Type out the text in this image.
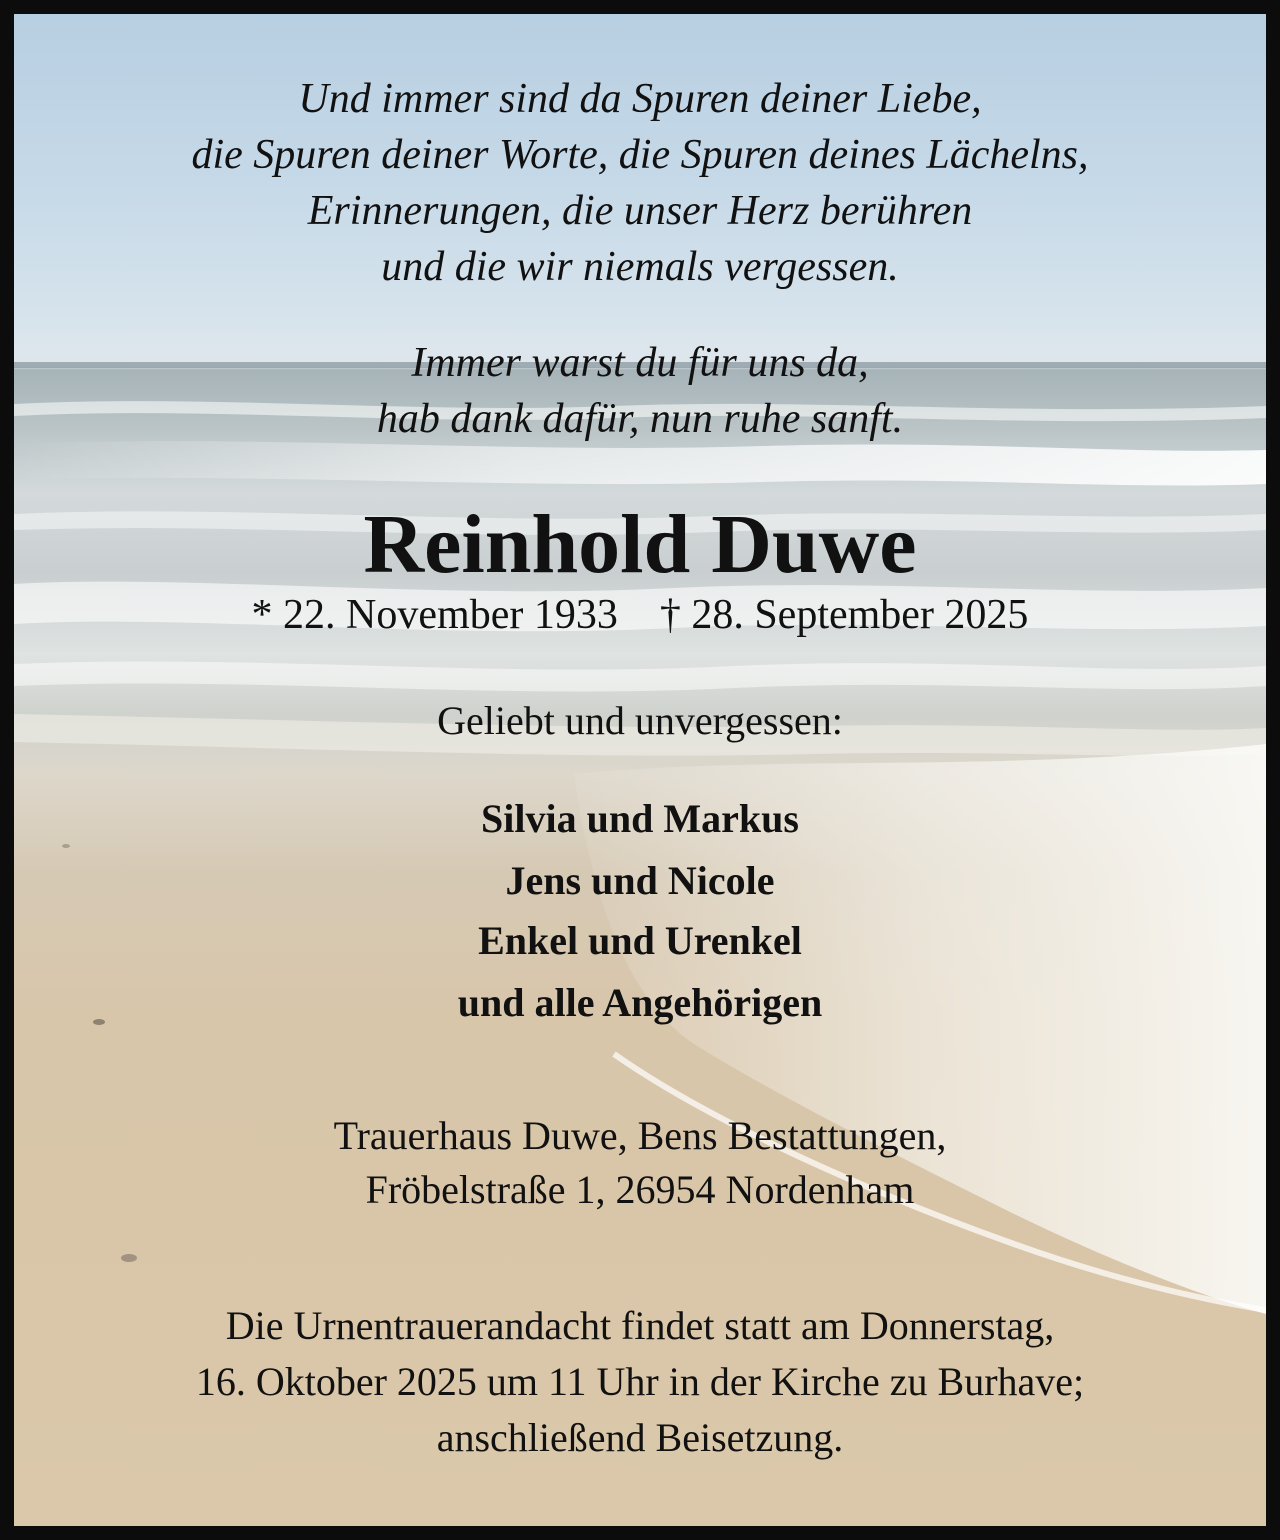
Und immer sind da Spuren deiner Liebe,
die Spuren deiner Worte, die Spuren deines Lächelns,
Erinnerungen, die unser Herz berühren
und die wir niemals vergessen.
Immer warst du für uns da,
hab dank dafür, nun ruhe sanft.
Reinhold Duwe
* 22. November 1933 † 28. September 2025
Geliebt und unvergessen:
Silvia und Markus
Jens und Nicole
Enkel und Urenkel
und alle Angehörigen
Trauerhaus Duwe, Bens Bestattungen,
Fröbelstraße 1, 26954 Nordenham
Die Urnentrauerandacht findet statt am Donnerstag,
16. Oktober 2025 um 11 Uhr in der Kirche zu Burhave;
anschließend Beisetzung.
